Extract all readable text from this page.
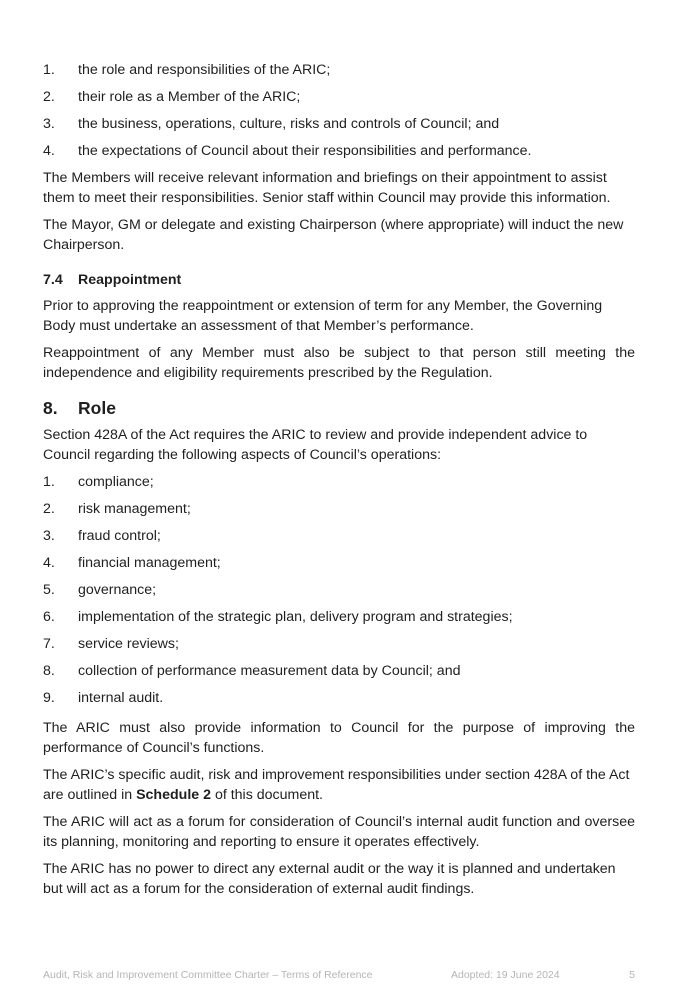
1.	the role and responsibilities of the ARIC;
2.	their role as a Member of the ARIC;
3.	the business, operations, culture, risks and controls of Council; and
4.	the expectations of Council about their responsibilities and performance.

The Members will receive relevant information and briefings on their appointment to assist them to meet their responsibilities. Senior staff within Council may provide this information.

The Mayor, GM or delegate and existing Chairperson (where appropriate) will induct the new Chairperson.

7.4	Reappointment

Prior to approving the reappointment or extension of term for any Member, the Governing Body must undertake an assessment of that Member’s performance.

Reappointment of any Member must also be subject to that person still meeting the independence and eligibility requirements prescribed by the Regulation.

8.	Role

Section 428A of the Act requires the ARIC to review and provide independent advice to Council regarding the following aspects of Council’s operations:

1.	compliance;
2.	risk management;
3.	fraud control;
4.	financial management;
5.	governance;
6.	implementation of the strategic plan, delivery program and strategies;
7.	service reviews;
8.	collection of performance measurement data by Council; and
9.	internal audit.

The ARIC must also provide information to Council for the purpose of improving the performance of Council’s functions.

The ARIC’s specific audit, risk and improvement responsibilities under section 428A of the Act are outlined in Schedule 2 of this document.

The ARIC will act as a forum for consideration of Council’s internal audit function and oversee its planning, monitoring and reporting to ensure it operates effectively.

The ARIC has no power to direct any external audit or the way it is planned and undertaken but will act as a forum for the consideration of external audit findings.

Audit, Risk and Improvement Committee Charter – Terms of Reference	Adopted: 19 June 2024	5
